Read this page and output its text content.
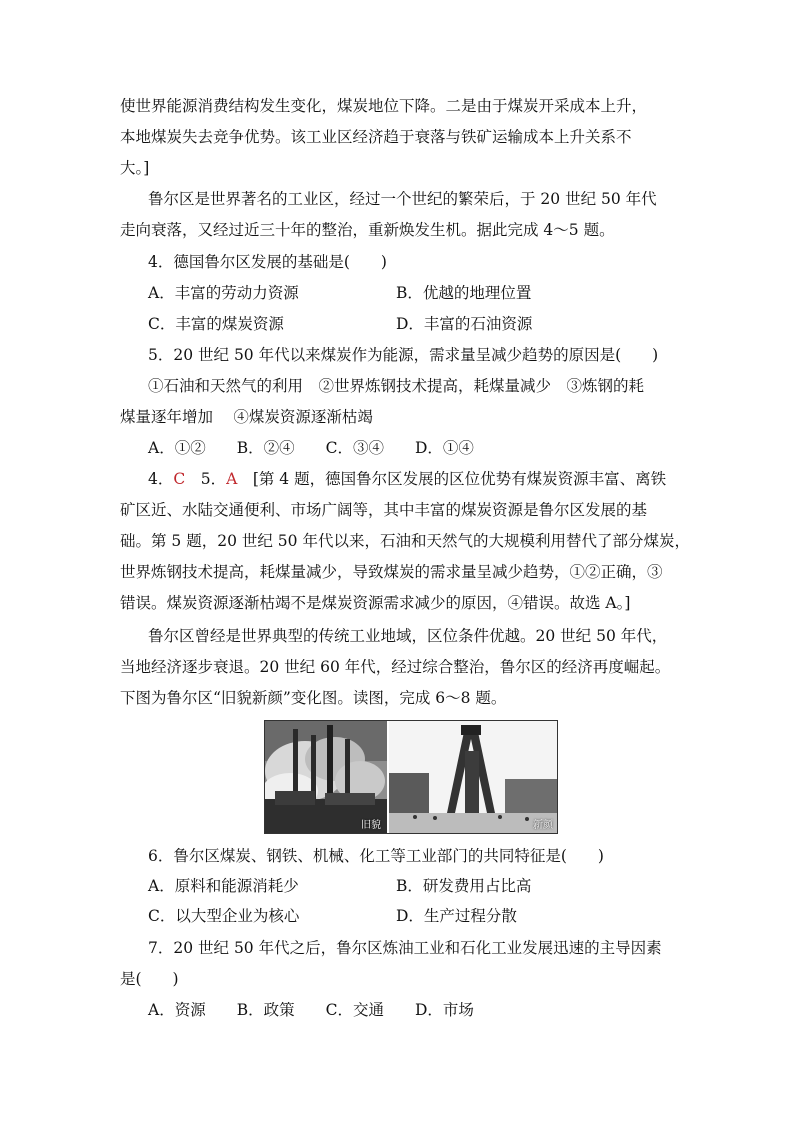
使世界能源消费结构发生变化，煤炭地位下降。二是由于煤炭开采成本上升，
本地煤炭失去竞争优势。该工业区经济趋于衰落与铁矿运输成本上升关系不
大。]
鲁尔区是世界著名的工业区，经过一个世纪的繁荣后，于 20 世纪 50 年代
走向衰落，又经过近三十年的整治，重新焕发生机。据此完成 4～5 题。
4．德国鲁尔区发展的基础是(　　)
A．丰富的劳动力资源	B．优越的地理位置
C．丰富的煤炭资源	D．丰富的石油资源
5．20 世纪 50 年代以来煤炭作为能源，需求量呈减少趋势的原因是(　　)
①石油和天然气的利用　②世界炼钢技术提高，耗煤量减少　③炼钢的耗
煤量逐年增加　 ④煤炭资源逐渐枯竭
A．①②　　B．②④　　C．③④　　D．①④
4．C　5．A　[第 4 题，德国鲁尔区发展的区位优势有煤炭资源丰富、离铁
矿区近、水陆交通便利、市场广阔等，其中丰富的煤炭资源是鲁尔区发展的基
础。第 5 题，20 世纪 50 年代以来，石油和天然气的大规模利用替代了部分煤炭，
世界炼钢技术提高，耗煤量减少，导致煤炭的需求量呈减少趋势，①②正确，③
错误。煤炭资源逐渐枯竭不是煤炭资源需求减少的原因，④错误。故选 A。]
鲁尔区曾经是世界典型的传统工业地域，区位条件优越。20 世纪 50 年代，
当地经济逐步衰退。20 世纪 60 年代，经过综合整治，鲁尔区的经济再度崛起。
下图为鲁尔区“旧貌新颜”变化图。读图，完成 6～8 题。
旧貌	新颜
6．鲁尔区煤炭、钢铁、机械、化工等工业部门的共同特征是(　　)
A．原料和能源消耗少	B．研发费用占比高
C．以大型企业为核心	D．生产过程分散
7．20 世纪 50 年代之后，鲁尔区炼油工业和石化工业发展迅速的主导因素
是(　　)
A．资源　　B．政策　　C．交通　　D．市场
